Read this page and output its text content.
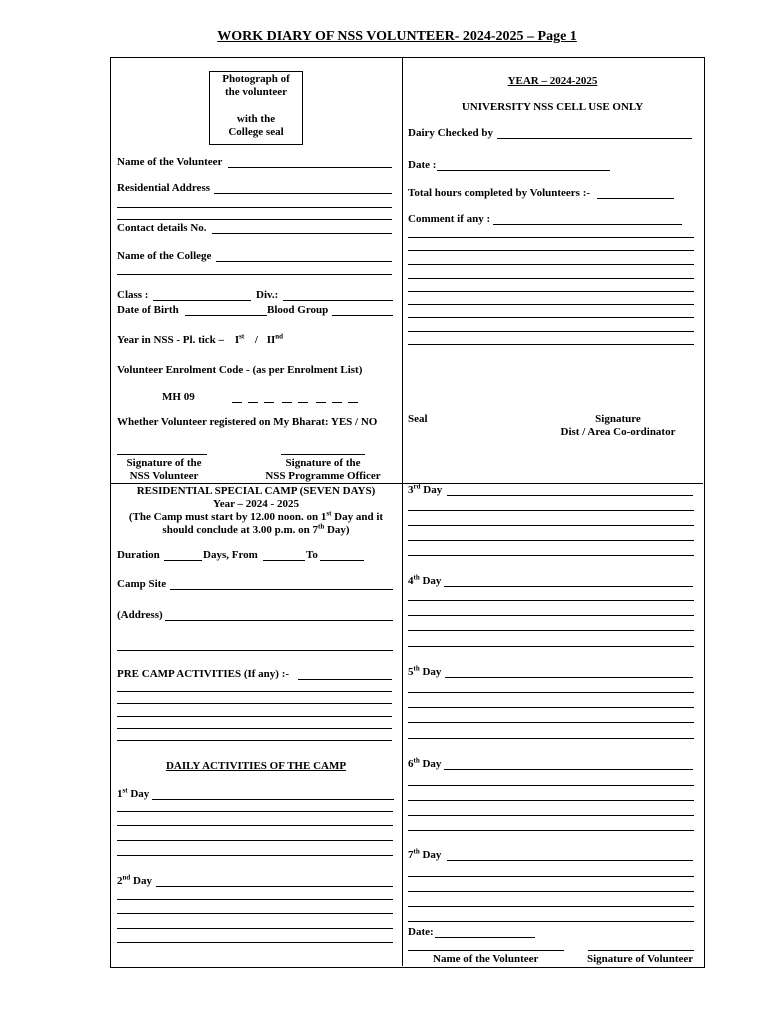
WORK DIARY OF NSS VOLUNTEER- 2024-2025 – Page 1
Photograph of
the volunteer
with the
College seal
Name of the Volunteer
Residential Address
Contact details No.
Name of the College
Class :	Div.:
Date of Birth	Blood Group
Year in NSS - Pl. tick – Ist / IInd
Volunteer Enrolment Code - (as per Enrolment List)
MH 09
Whether Volunteer registered on My Bharat: YES / NO
Signature of the
NSS Volunteer
Signature of the
NSS Programme Officer
YEAR – 2024-2025
UNIVERSITY NSS CELL USE ONLY
Dairy Checked by
Date :
Total hours completed by Volunteers :-
Comment if any :
Seal	Signature
Dist / Area Co-ordinator
RESIDENTIAL SPECIAL CAMP (SEVEN DAYS)
Year – 2024 - 2025
(The Camp must start by 12.00 noon. on 1st Day and it
should conclude at 3.00 p.m. on 7th Day)
Duration	Days, From	To
Camp Site
(Address)
PRE CAMP ACTIVITIES (If any) :-
DAILY ACTIVITIES OF THE CAMP
1st Day
2nd Day
3rd Day
4th Day
5th Day
6th Day
7th Day
Date:
Name of the Volunteer	Signature of Volunteer
